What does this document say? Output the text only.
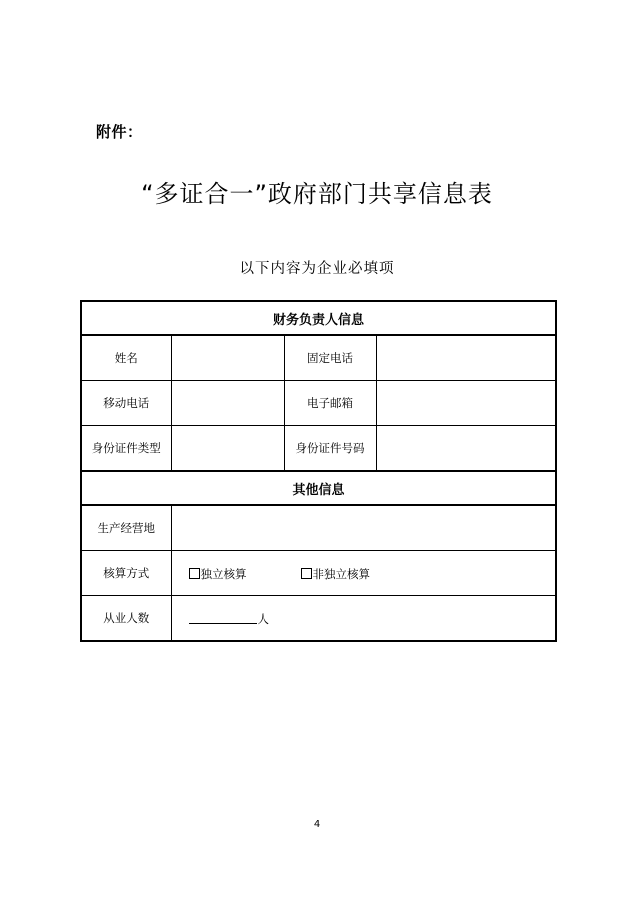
附件：
“多证合一”政府部门共享信息表
以下内容为企业必填项
财务负责人信息			
姓名		固定电话	
移动电话		电子邮箱	
身份证件类型		身份证件号码	
其他信息			
生产经营地			
核算方式	独立核算 非独立核算		

从业人数	人		
4
